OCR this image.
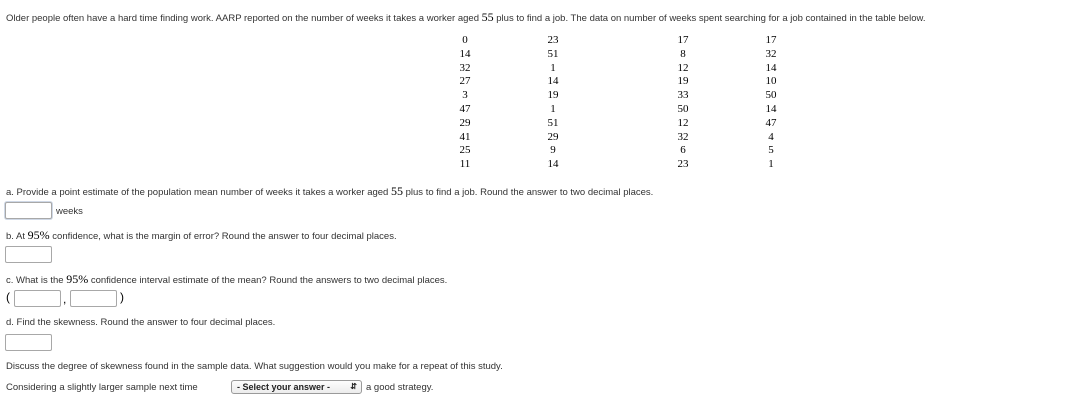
Older people often have a hard time finding work. AARP reported on the number of weeks it takes a worker aged 55 plus to find a job. The data on number of weeks spent searching for a job contained in the table below.
0	23	17	17
14	51	8	32
32	1	12	14
27	14	19	10
3	19	33	50
47	1	50	14
29	51	12	47
41	29	32	4
25	9	6	5
11	14	23	1
a. Provide a point estimate of the population mean number of weeks it takes a worker aged 55 plus to find a job. Round the answer to two decimal places.
weeks
b. At 95% confidence, what is the margin of error? Round the answer to four decimal places.
c. What is the 95% confidence interval estimate of the mean? Round the answers to two decimal places.
(	,	)
d. Find the skewness. Round the answer to four decimal places.
Discuss the degree of skewness found in the sample data. What suggestion would you make for a repeat of this study.
Considering a slightly larger sample next time	- Select your answer -	⇵ a good strategy.
